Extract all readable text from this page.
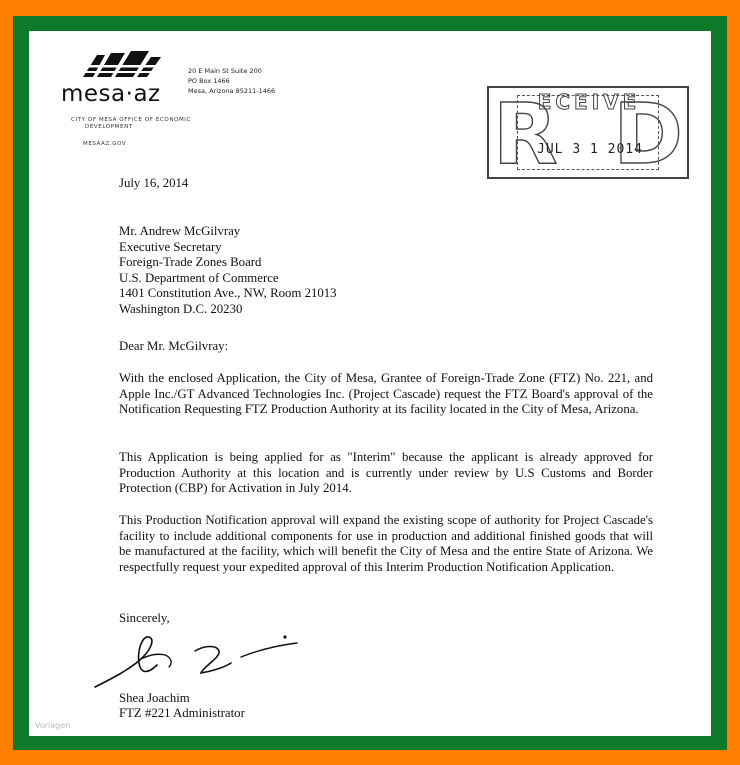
mesa·az
CITY OF MESA OFFICE OF ECONOMIC
DEVELOPMENT
MESAAZ.GOV
20 E Main St Suite 200
PO Box 1466
Mesa, Arizona 85211-1466	R
ECEIVE
JUL 3 1 2014
D
July 16, 2014
Mr. Andrew McGilvray
Executive Secretary
Foreign-Trade Zones Board
U.S. Department of Commerce
1401 Constitution Ave., NW, Room 21013
Washington D.C. 20230
Dear Mr. McGilvray:
With the enclosed Application, the City of Mesa, Grantee of Foreign-Trade Zone (FTZ) No. 221, and Apple Inc./GT Advanced Technologies Inc. (Project Cascade) request the FTZ Board's approval of the Notification Requesting FTZ Production Authority at its facility located in the City of Mesa, Arizona.
This Application is being applied for as "Interim" because the applicant is already approved for Production Authority at this location and is currently under review by U.S Customs and Border Protection (CBP) for Activation in July 2014.
This Production Notification approval will expand the existing scope of authority for Project Cascade's facility to include additional components for use in production and additional finished goods that will be manufactured at the facility, which will benefit the City of Mesa and the entire State of Arizona. We respectfully request your expedited approval of this Interim Production Notification Application.
Sincerely,
Shea Joachim
FTZ #221 Administrator
Vorlagen
